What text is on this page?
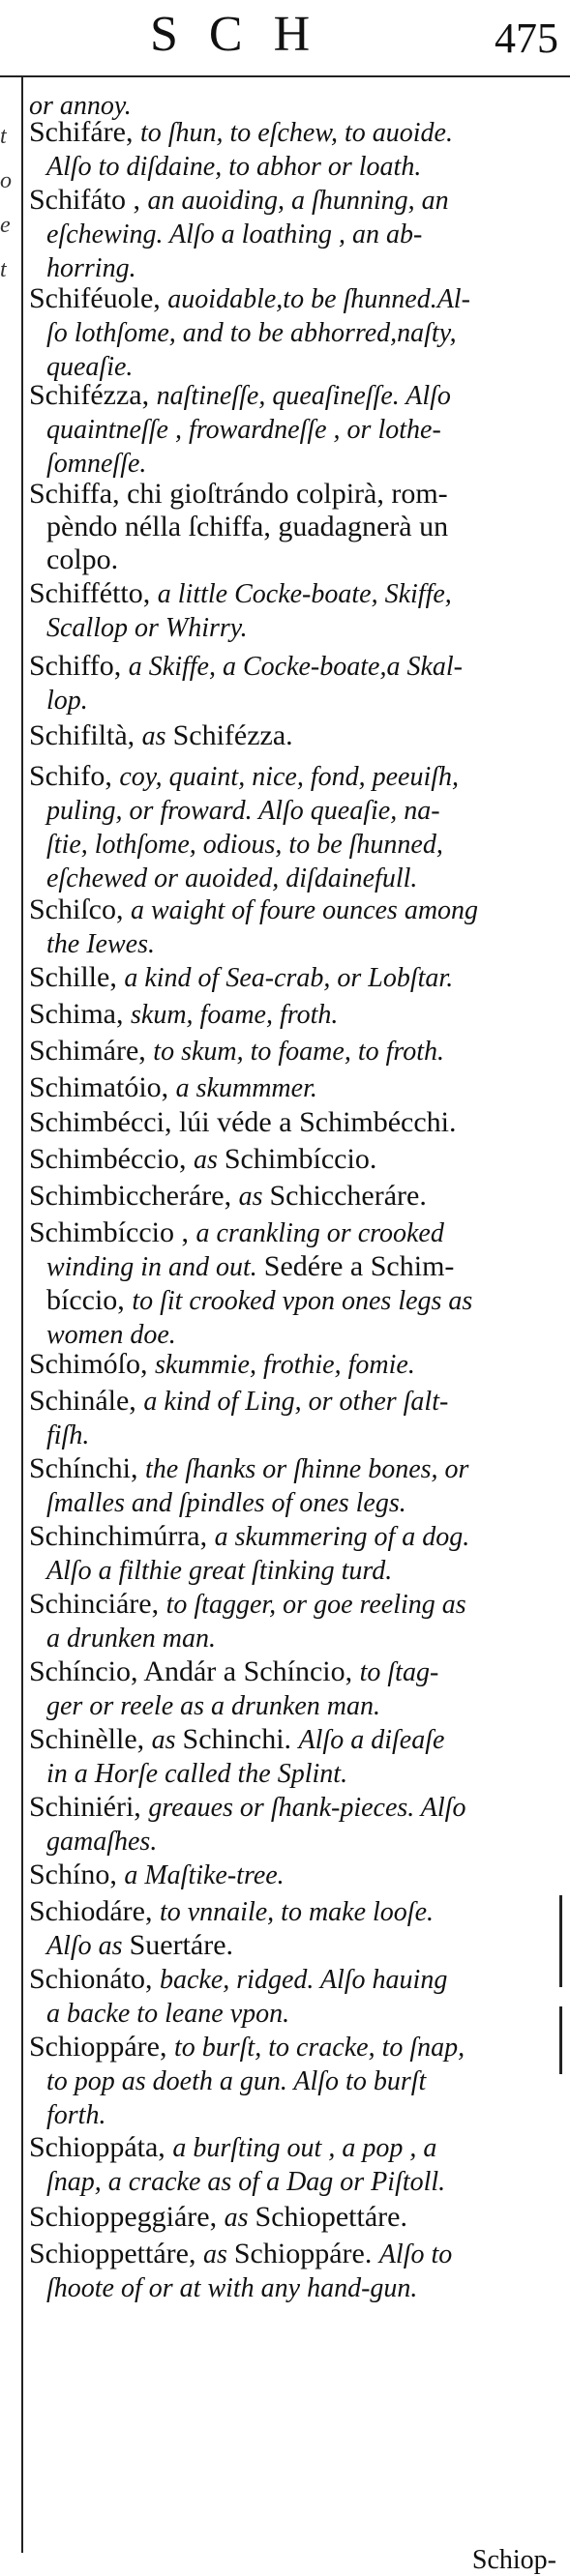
SCH	475
t
o
e
t
or annoy.
Schifáre, to ſhun, to eſchew, to auoide.
Alſo to diſdaine, to abhor or loath.
Schifáto , an auoiding, a ſhunning, an
eſchewing. Alſo a loathing , an ab-
horring.
Schiféuole, auoidable,to be ſhunned.Al-
ſo lothſome, and to be abhorred,naſty,
queaſie.
Schifézza, naſtineſſe, queaſineſſe. Alſo
quaintneſſe , frowardneſſe , or lothe-
ſomneſſe.
Schiffa, chi gioſtrándo colpirà, rom-
pèndo nélla ſchiffa, guadagnerà un
colpo.
Schiffétto, a little Cocke-boate, Skiffe,
Scallop or Whirry.
Schiffo, a Skiffe, a Cocke-boate,a Skal-
lop.
Schifiltà, as Schifézza.
Schifo, coy, quaint, nice, fond, peeuiſh,
puling, or froward. Alſo queaſie, na-
ſtie, lothſome, odious, to be ſhunned,
eſchewed or auoided, diſdainefull.
Schiſco, a waight of foure ounces among
the Iewes.
Schille, a kind of Sea-crab, or Lobſtar.
Schima, skum, foame, froth.
Schimáre, to skum, to foame, to froth.
Schimatóio, a skummmer.
Schimbécci, lúi véde a Schimbécchi.
Schimbéccio, as Schimbíccio.
Schimbiccheráre, as Schiccheráre.
Schimbíccio , a crankling or crooked
winding in and out. Sedére a Schim-
bíccio, to ſit crooked vpon ones legs as
women doe.
Schimóſo, skummie, frothie, fomie.
Schinále, a kind of Ling, or other ſalt-
fiſh.
Schínchi, the ſhanks or ſhinne bones, or
ſmalles and ſpindles of ones legs.
Schinchimúrra, a skummering of a dog.
Alſo a filthie great ſtinking turd.
Schinciáre, to ſtagger, or goe reeling as
a drunken man.
Schíncio, Andár a Schíncio, to ſtag-
ger or reele as a drunken man.
Schinèlle, as Schinchi. Alſo a diſeaſe
in a Horſe called the Splint.
Schiniéri, greaues or ſhank-pieces. Alſo
gamaſhes.
Schíno, a Maſtike-tree.
Schiodáre, to vnnaile, to make looſe.
Alſo as Suertáre.
Schionáto, backe, ridged. Alſo hauing
a backe to leane vpon.
Schioppáre, to burſt, to cracke, to ſnap,
to pop as doeth a gun. Alſo to burſt
forth.
Schioppáta, a burſting out , a pop , a
ſnap, a cracke as of a Dag or Piſtoll.
Schioppeggiáre, as Schiopettáre.
Schioppettáre, as Schioppáre. Alſo to
ſhoote of or at with any hand-gun.
Schiop-
